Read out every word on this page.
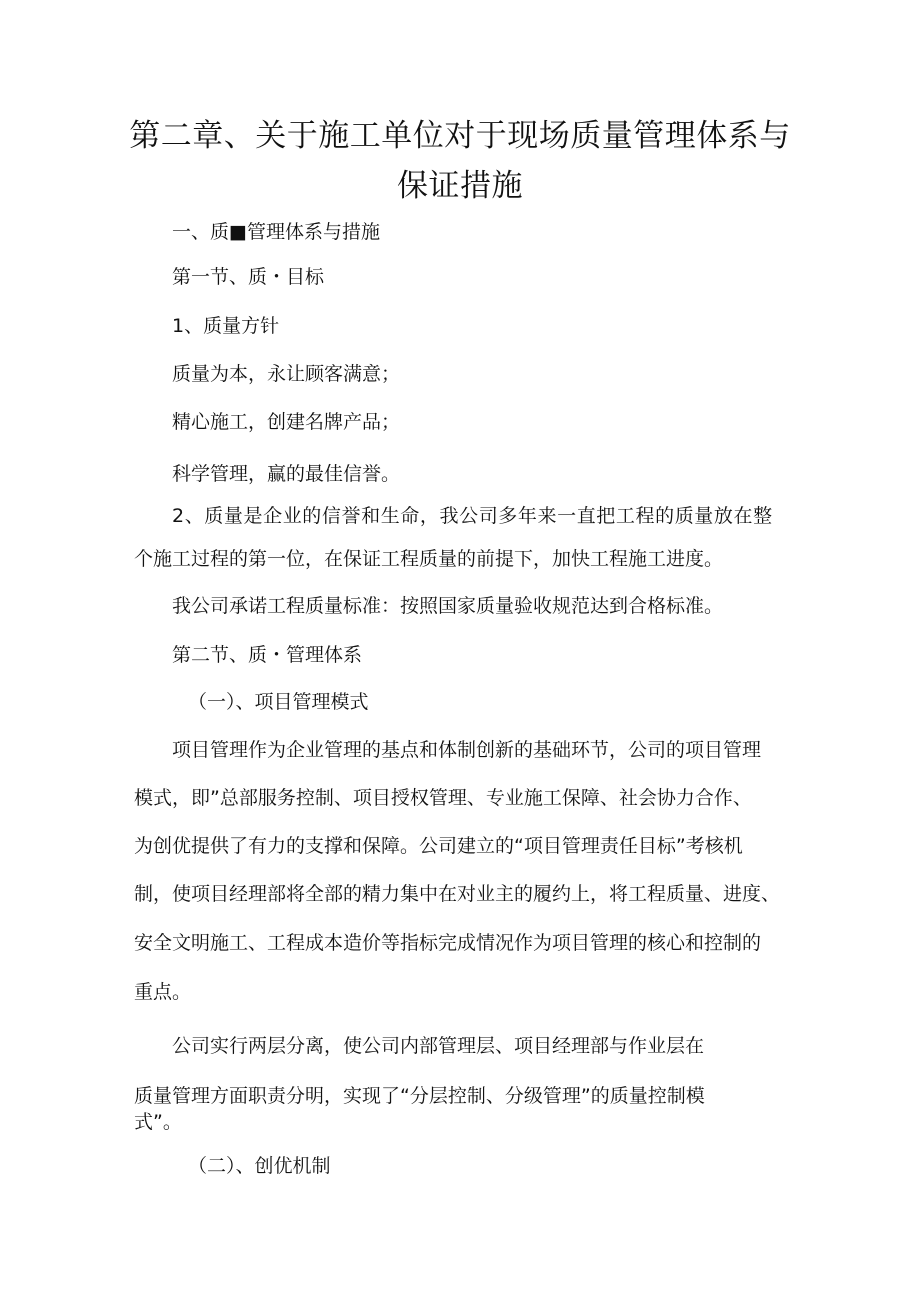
第二章、关于施工单位对于现场质量管理体系与
保证措施
一、质■管理体系与措施
第一节、质・目标
1、质量方针
质量为本，永让顾客满意；
精心施工，创建名牌产品；
科学管理，赢的最佳信誉。
2、质量是企业的信誉和生命，我公司多年来一直把工程的质量放在整
个施工过程的第一位，在保证工程质量的前提下，加快工程施工进度。
我公司承诺工程质量标准：按照国家质量验收规范达到合格标准。
第二节、质・管理体系
（一）、项目管理模式
项目管理作为企业管理的基点和体制创新的基础环节，公司的项目管理
模式，即”总部服务控制、项目授权管理、专业施工保障、社会协力合作、
为创优提供了有力的支撑和保障。公司建立的“项目管理责任目标”考核机
制，使项目经理部将全部的精力集中在对业主的履约上，将工程质量、进度、
安全文明施工、工程成本造价等指标完成情况作为项目管理的核心和控制的
重点。
公司实行两层分离，使公司内部管理层、项目经理部与作业层在
质量管理方面职责分明，实现了“分层控制、分级管理”的质量控制模
式”。
（二）、创优机制
